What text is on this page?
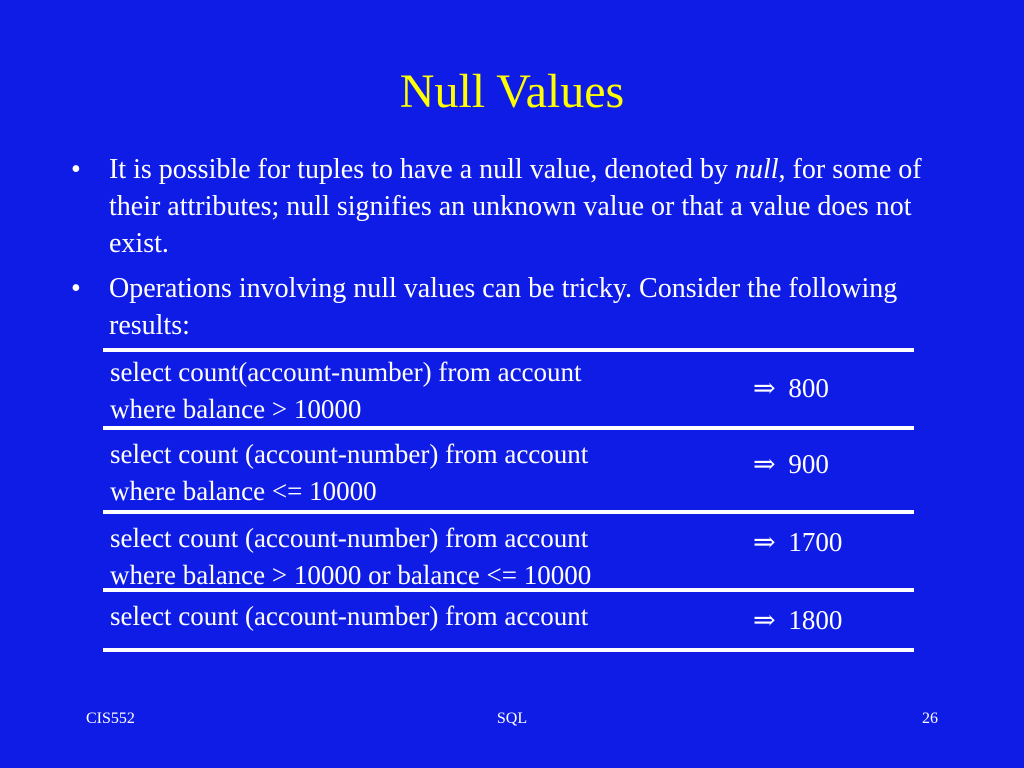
Null Values
• It is possible for tuples to have a null value, denoted by null, for some of their attributes; null signifies an unknown value or that a value does not exist.
• Operations involving null values can be tricky. Consider the following results:
select count(account-number) from account
where balance > 10000
⇒ 800
select count (account-number) from account
where balance <= 10000
⇒ 900
select count (account-number) from account
where balance > 10000 or balance <= 10000
⇒ 1700
select count (account-number) from account	⇒ 1800
CIS552	SQL	26
